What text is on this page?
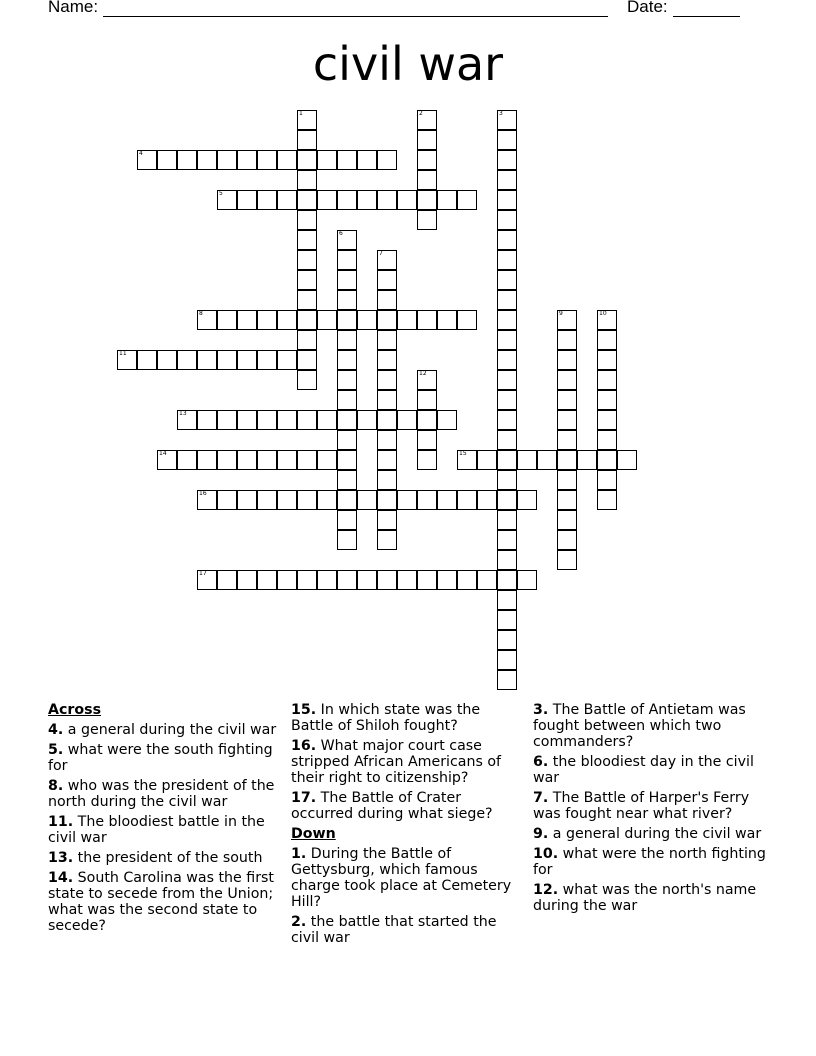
Name:	Date:
civil war
1	2	3
4
5
6
7
8	9	10
11
12
13
14	15
16
17
Across
4. a general during the civil war
5. what were the south fighting for
8. who was the president of the north during the civil war
11. The bloodiest battle in the civil war
13. the president of the south
14. South Carolina was the first state to secede from the Union; what was the second state to secede?
15. In which state was the Battle of Shiloh fought?
16. What major court case stripped African Americans of their right to citizenship?
17. The Battle of Crater occurred during what siege?
Down
1. During the Battle of Gettysburg, which famous charge took place at Cemetery Hill?
2. the battle that started the civil war
3. The Battle of Antietam was fought between which two commanders?
6. the bloodiest day in the civil war
7. The Battle of Harper's Ferry was fought near what river?
9. a general during the civil war
10. what were the north fighting for
12. what was the north's name during the war
